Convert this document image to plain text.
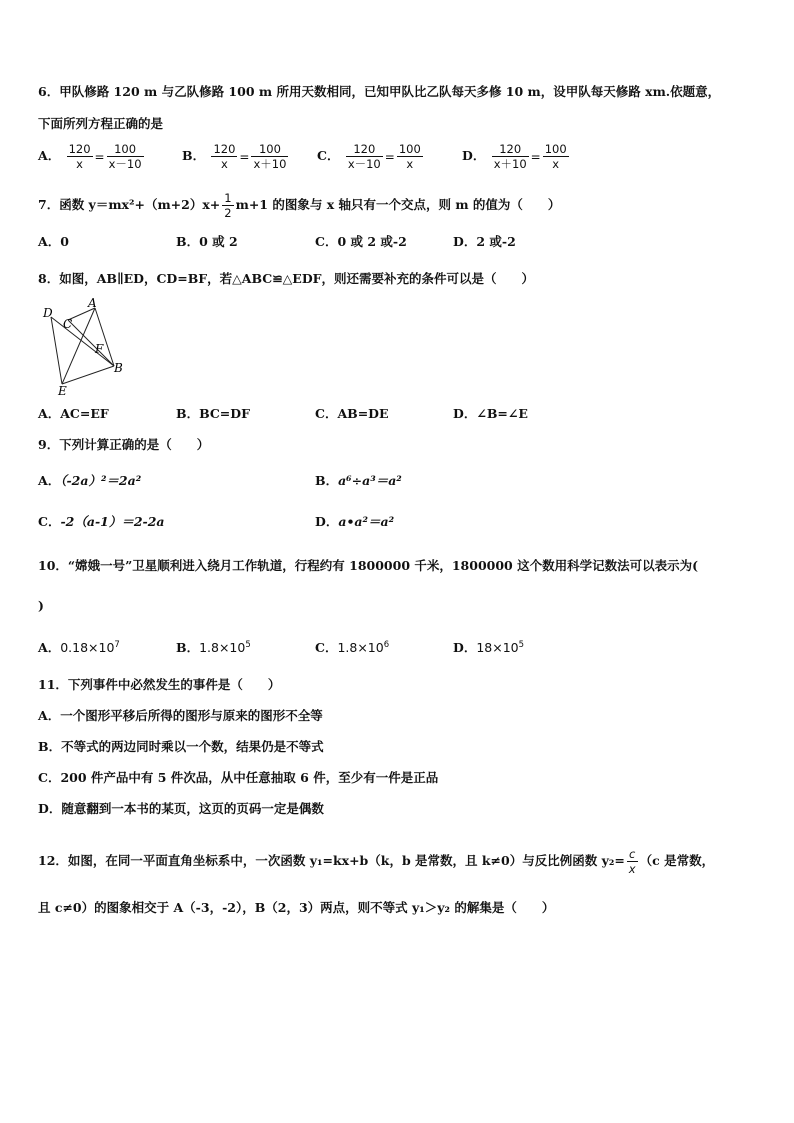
6．甲队修路 120 m 与乙队修路 100 m 所用天数相同，已知甲队比乙队每天多修 10 m，设甲队每天修路 xm.依题意，
下面所列方程正确的是
A． $\frac{120}{x} = \frac{100}{x-10}$	B． $\frac{120}{x} = \frac{100}{x+10}$ C． $\frac{120}{x-10} = \frac{100}{x}$	D． $\frac{120}{x+10} = \frac{100}{x}$
7．函数 $y=mx^2+(m+2)x+ \frac{1}{2} m+1$ 的图象与 x 轴只有一个交点，则 m 的值为（　　）
A．0	B．0 或 2	C．0 或 2 或-2	D．2 或-2
8．如图，AB∥ED，CD=BF，若△ABC≌△EDF，则还需要补充的条件可以是（　　）
D
A
C
F
B
E
A．AC=EF	B．BC=DF	C．AB=DE	D．∠B=∠E
9．下列计算正确的是（　　）
A．（-2a）²＝2a²	B．a⁶÷a³＝a²
C．-2（a-1）＝2-2a	D．a•a²＝a²
10．“嫦娥一号”卫星顺利进入绕月工作轨道，行程约有 1800000 千米，1800000 这个数用科学记数法可以表示为(
)
A．$0.18\times 10^7$	B．$1.8\times 10^5$	C．$1.8\times 10^6$	D．$18\times 10^5$
11．下列事件中必然发生的事件是（　　）
A．一个图形平移后所得的图形与原来的图形不全等
B．不等式的两边同时乘以一个数，结果仍是不等式
C．200 件产品中有 5 件次品，从中任意抽取 6 件，至少有一件是正品
D．随意翻到一本书的某页，这页的页码一定是偶数
12．如图，在同一平面直角坐标系中，一次函数 y₁=kx+b（k，b 是常数，且 k≠0）与反比例函数 $y_2= \frac{c}{x} (c$ 是常数，
且 c≠0）的图象相交于 A（-3，-2），B（2，3）两点，则不等式 y₁＞y₂ 的解集是（　　）
